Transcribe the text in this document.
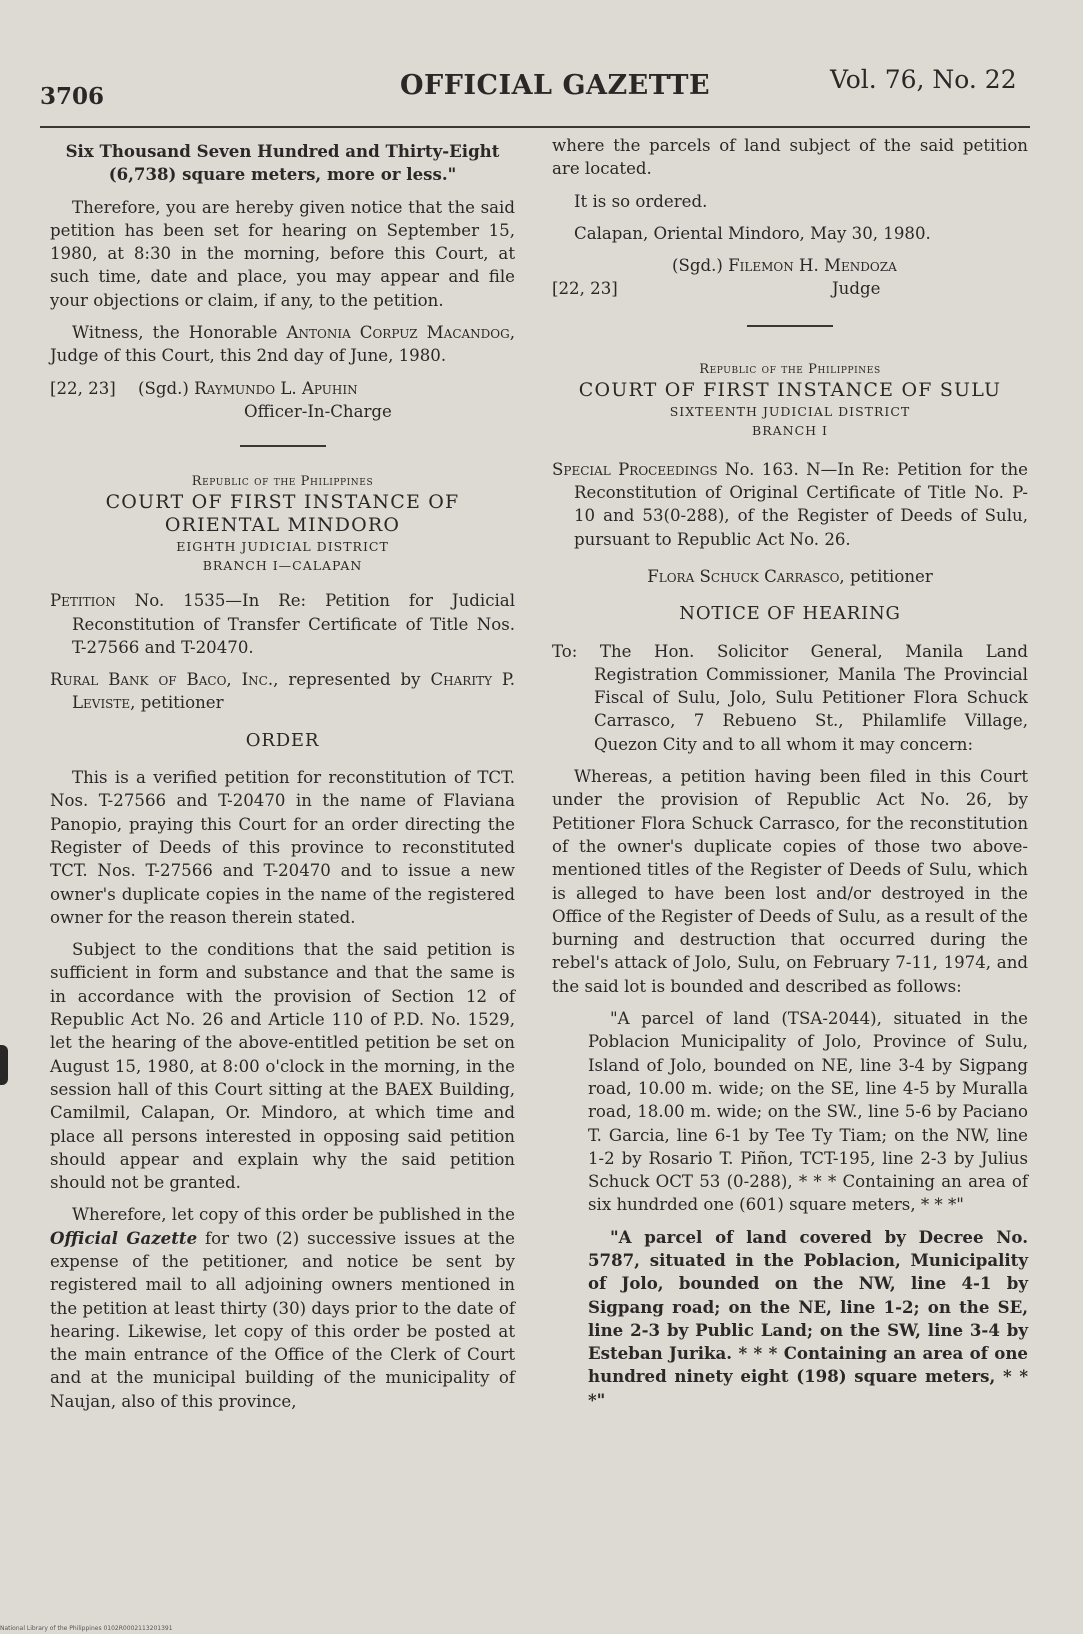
3706	OFFICIAL GAZETTE	Vol. 76, No. 22

Six Thousand Seven Hundred and Thirty-Eight (6,738) square meters, more or less."

Therefore, you are hereby given notice that the said petition has been set for hearing on September 15, 1980, at 8:30 in the morning, before this Court, at such time, date and place, you may appear and file your objections or claim, if any, to the petition.

Witness, the Honorable Antonia Corpuz Macandog, Judge of this Court, this 2nd day of June, 1980.

[22, 23]	(Sgd.) Raymundo L. Apuhin
Officer-In-Charge
Republic of the Philippines
COURT OF FIRST INSTANCE OF
ORIENTAL MINDORO
EIGHTH JUDICIAL DISTRICT
BRANCH I—CALAPAN

Petition No. 1535—In Re: Petition for Judicial Reconstitution of Transfer Certificate of Title Nos. T-27566 and T-20470.

Rural Bank of Baco, Inc., represented by Charity P. Leviste, petitioner

ORDER

This is a verified petition for reconstitution of TCT. Nos. T-27566 and T-20470 in the name of Flaviana Panopio, praying this Court for an order directing the Register of Deeds of this province to reconstituted TCT. Nos. T-27566 and T-20470 and to issue a new owner's duplicate copies in the name of the registered owner for the reason therein stated.

Subject to the conditions that the said petition is sufficient in form and substance and that the same is in accordance with the provision of Section 12 of Republic Act No. 26 and Article 110 of P.D. No. 1529, let the hearing of the above-entitled petition be set on August 15, 1980, at 8:00 o'clock in the morning, in the session hall of this Court sitting at the BAEX Building, Camilmil, Calapan, Or. Mindoro, at which time and place all persons interested in opposing said petition should appear and explain why the said petition should not be granted.

Wherefore, let copy of this order be published in the Official Gazette for two (2) successive issues at the expense of the petitioner, and notice be sent by registered mail to all adjoining owners mentioned in the petition at least thirty (30) days prior to the date of hearing. Likewise, let copy of this order be posted at the main entrance of the Office of the Clerk of Court and at the municipal building of the municipality of Naujan, also of this province,

where the parcels of land subject of the said petition are located.

It is so ordered.

Calapan, Oriental Mindoro, May 30, 1980.

(Sgd.) Filemon H. Mendoza
[22, 23]	Judge
Republic of the Philippines
COURT OF FIRST INSTANCE OF SULU
SIXTEENTH JUDICIAL DISTRICT
BRANCH I

Special Proceedings No. 163. N—In Re: Petition for the Reconstitution of Original Certificate of Title No. P-10 and 53(0-288), of the Register of Deeds of Sulu, pursuant to Republic Act No. 26.

Flora Schuck Carrasco, petitioner

NOTICE OF HEARING

To: The Hon. Solicitor General, Manila Land Registration Commissioner, Manila The Provincial Fiscal of Sulu, Jolo, Sulu Petitioner Flora Schuck Carrasco, 7 Rebueno St., Philamlife Village, Quezon City and to all whom it may concern:

Whereas, a petition having been filed in this Court under the provision of Republic Act No. 26, by Petitioner Flora Schuck Carrasco, for the reconstitution of the owner's duplicate copies of those two above-mentioned titles of the Register of Deeds of Sulu, which is alleged to have been lost and/or destroyed in the Office of the Register of Deeds of Sulu, as a result of the burning and destruction that occurred during the rebel's attack of Jolo, Sulu, on February 7-11, 1974, and the said lot is bounded and described as follows:

"A parcel of land (TSA-2044), situated in the Poblacion Municipality of Jolo, Province of Sulu, Island of Jolo, bounded on NE, line 3-4 by Sigpang road, 10.00 m. wide; on the SE, line 4-5 by Muralla road, 18.00 m. wide; on the SW., line 5-6 by Paciano T. Garcia, line 6-1 by Tee Ty Tiam; on the NW, line 1-2 by Rosario T. Piñon, TCT-195, line 2-3 by Julius Schuck OCT 53 (0-288), * * * Containing an area of six hundrded one (601) square meters, * * *"

"A parcel of land covered by Decree No. 5787, situated in the Poblacion, Municipality of Jolo, bounded on the NW, line 4-1 by Sigpang road; on the NE, line 1-2; on the SE, line 2-3 by Public Land; on the SW, line 3-4 by Esteban Jurika. * * * Containing an area of one hundred ninety eight (198) square meters, * * *"

National Library of the Philippines 0102R0002113201391
